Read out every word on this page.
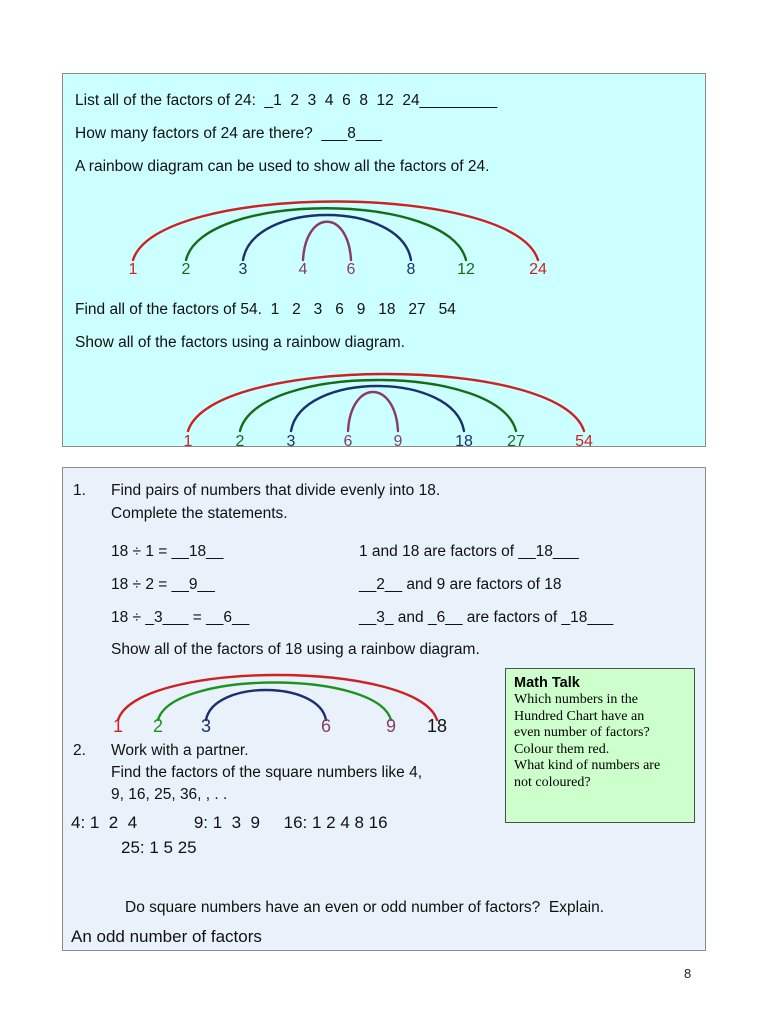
List all of the factors of 24:  _1  2  3  4  6  8  12  24_________
How many factors of 24 are there?  ___8___
A rainbow diagram can be used to show all the factors of 24.
1	2	3	4 6	8	12	24
Find all of the factors of 54.  1   2   3   6   9   18   27   54
Show all of the factors using a rainbow diagram.
1	2	3	6	9	18 27	54
1. Find pairs of numbers that divide evenly into 18.
Complete the statements.
18 ÷ 1 = __18__	1 and 18 are factors of __18___
18 ÷ 2 = __9__	__2__ and 9 are factors of 18
18 ÷ _3___ = __6__	__3_ and _6__ are factors of _18___
Show all of the factors of 18 using a rainbow diagram.
1 2 3	6	9 18
2. Work with a partner.
Find the factors of the square numbers like 4,
9, 16, 25, 36, , . .
4: 1  2  4            9: 1  3  9     16: 1 2 4 8 16
25: 1 5 25
Do square numbers have an even or odd number of factors?  Explain.
An odd number of factors
Math Talk
Which numbers in the
Hundred Chart have an
even number of factors?
Colour them red.
What kind of numbers are
not coloured?
8
